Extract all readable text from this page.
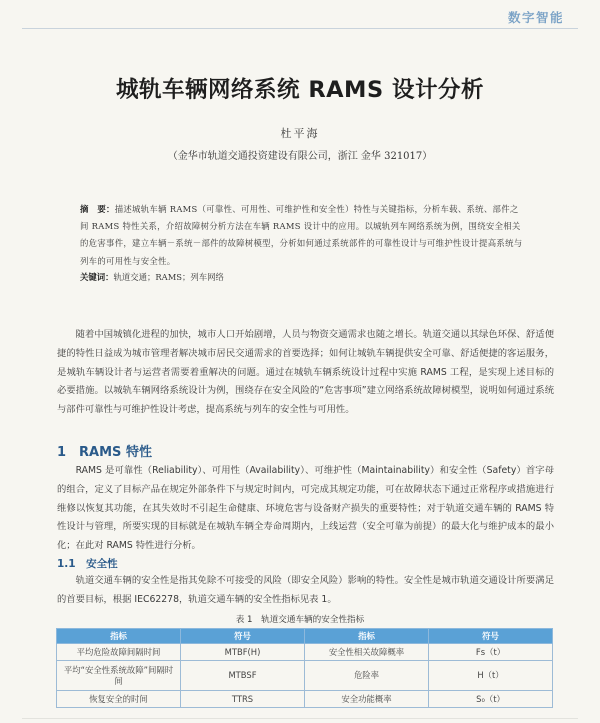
数字智能
城轨车辆网络系统 RAMS 设计分析
杜平海
（金华市轨道交通投资建设有限公司，浙江 金华 321017）
摘　要：描述城轨车辆 RAMS（可靠性、可用性、可维护性和安全性）特性与关键指标，分析车载、系统、部件之间 RAMS 特性关系，介绍故障树分析方法在车辆 RAMS 设计中的应用。以城轨列车网络系统为例，围绕安全相关的危害事件，建立车辆－系统－部件的故障树模型，分析如何通过系统部件的可靠性设计与可维护性设计提高系统与列车的可用性与安全性。
关键词：轨道交通；RAMS；列车网络
随着中国城镇化进程的加快，城市人口开始剧增，人员与物资交通需求也随之增长。轨道交通以其绿色环保、舒适便捷的特性日益成为城市管理者解决城市居民交通需求的首要选择；如何让城轨车辆提供安全可靠、舒适便捷的客运服务，是城轨车辆设计者与运营者需要着重解决的问题。通过在城轨车辆系统设计过程中实施 RAMS 工程，是实现上述目标的必要措施。以城轨车辆网络系统设计为例，围绕存在安全风险的“危害事项”建立网络系统故障树模型，说明如何通过系统与部件可靠性与可维护性设计考虑，提高系统与列车的安全性与可用性。
1　RAMS 特性
RAMS 是可靠性（Reliability）、可用性（Availability）、可维护性（Maintainability）和安全性（Safety）首字母的组合，定义了目标产品在规定外部条件下与规定时间内，可完成其规定功能，可在故障状态下通过正常程序或措施进行维修以恢复其功能，在其失效时不引起生命健康、环境危害与设备财产损失的重要特性；对于轨道交通车辆的 RAMS 特性设计与管理，所要实现的目标就是在城轨车辆全寿命周期内，上线运营（安全可靠为前提）的最大化与维护成本的最小化；在此对 RAMS 特性进行分析。
1.1　安全性
轨道交通车辆的安全性是指其免除不可接受的风险（即安全风险）影响的特性。安全性是城市轨道交通设计所要满足的首要目标，根据 IEC62278，轨道交通车辆的安全性指标见表 1。
表 1　轨道交通车辆的安全性指标
指标	符号	指标	符号
平均危险故障间隔时间	MTBF(H)	安全性相关故障概率	Fs（t）
平均“安全性系统故障”间隔时间	MTBSF	危险率	H（t）
恢复安全的时间	TTRS	安全功能概率	S₀（t）
